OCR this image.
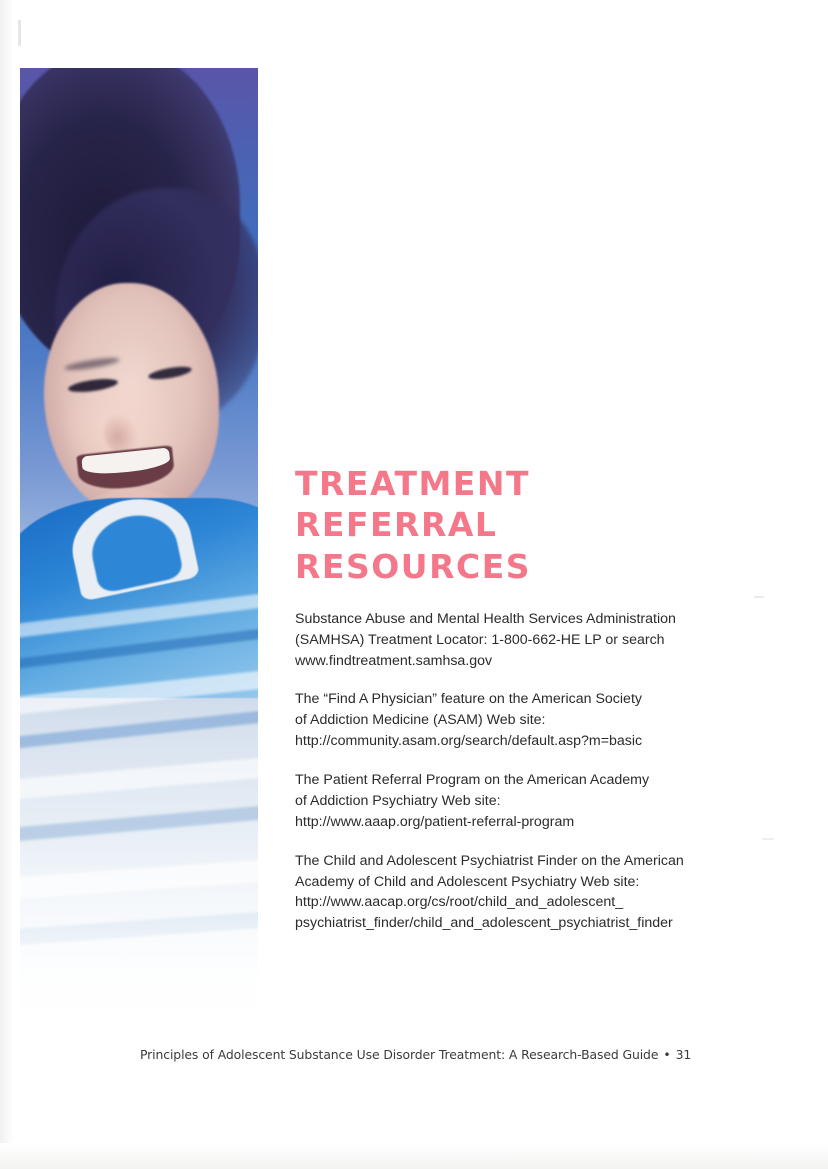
TREATMENT
REFERRAL
RESOURCES

Substance Abuse and Mental Health Services Administration
(SAMHSA) Treatment Locator: 1-800-662-HE LP or search
www.findtreatment.samhsa.gov

The “Find A Physician” feature on the American Society
of Addiction Medicine (ASAM) Web site:
http://community.asam.org/search/default.asp?m=basic

The Patient Referral Program on the American Academy
of Addiction Psychiatry Web site:
http://www.aaap.org/patient-referral-program

The Child and Adolescent Psychiatrist Finder on the American
Academy of Child and Adolescent Psychiatry Web site:
http://www.aacap.org/cs/root/child_and_adolescent_
psychiatrist_finder/child_and_adolescent_psychiatrist_finder

Principles of Adolescent Substance Use Disorder Treatment: A Research-Based Guide • 31
